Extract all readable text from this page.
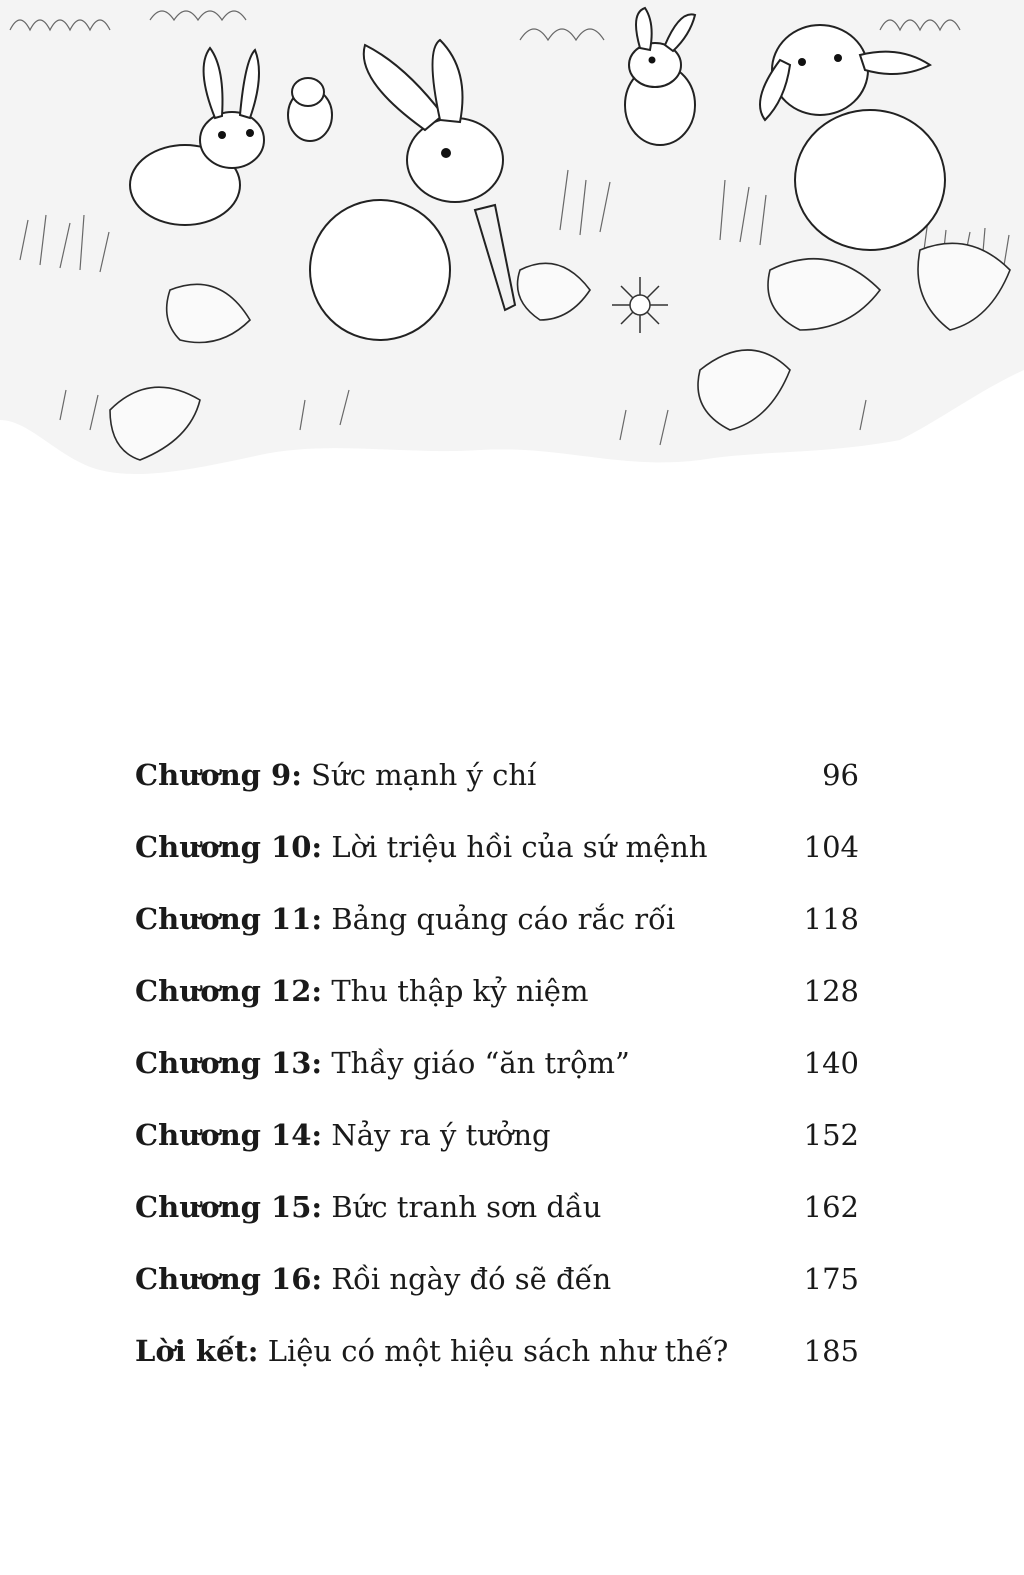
Chương 9: Sức mạnh ý chí	96
Chương 10: Lời triệu hồi của sứ mệnh	104
Chương 11: Bảng quảng cáo rắc rối	118
Chương 12: Thu thập kỷ niệm	128
Chương 13: Thầy giáo “ăn trộm”	140
Chương 14: Nảy ra ý tưởng	152
Chương 15: Bức tranh sơn dầu	162
Chương 16: Rồi ngày đó sẽ đến	175
Lời kết: Liệu có một hiệu sách như thế?	185
